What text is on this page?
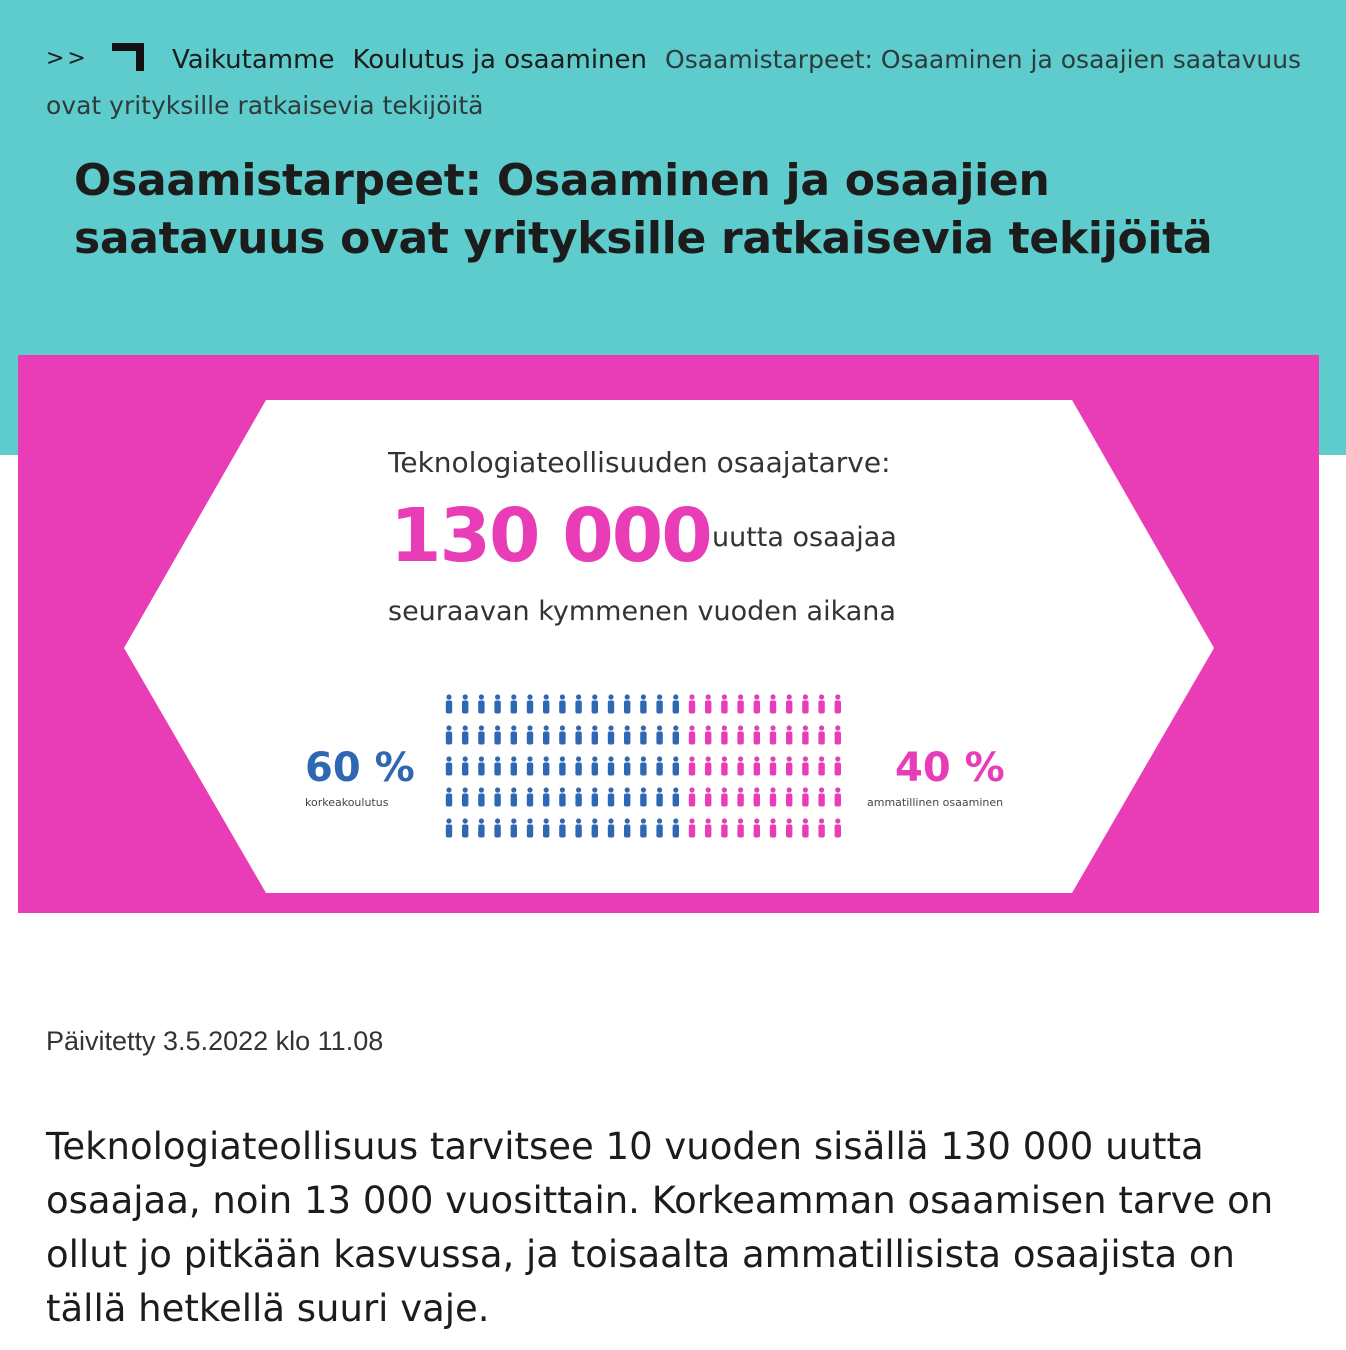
>>	Vaikutamme Koulutus ja osaaminen Osaamistarpeet: Osaaminen ja osaajien saatavuus ovat yrityksille ratkaisevia tekijöitä
Osaamistarpeet: Osaaminen ja osaajien saatavuus ovat yrityksille ratkaisevia tekijöitä
Teknologiateollisuuden osaajatarve:
130 000 uutta osaajaa
seuraavan kymmenen vuoden aikana
60 %
korkeakoulutus
40 %
ammatillinen osaaminen
Päivitetty 3.5.2022 klo 11.08

Teknologiateollisuus tarvitsee 10 vuoden sisällä 130 000 uutta osaajaa, noin 13 000 vuosittain. Korkeamman osaamisen tarve on ollut jo pitkään kasvussa, ja toisaalta ammatillisista osaajista on tällä hetkellä suuri vaje.
